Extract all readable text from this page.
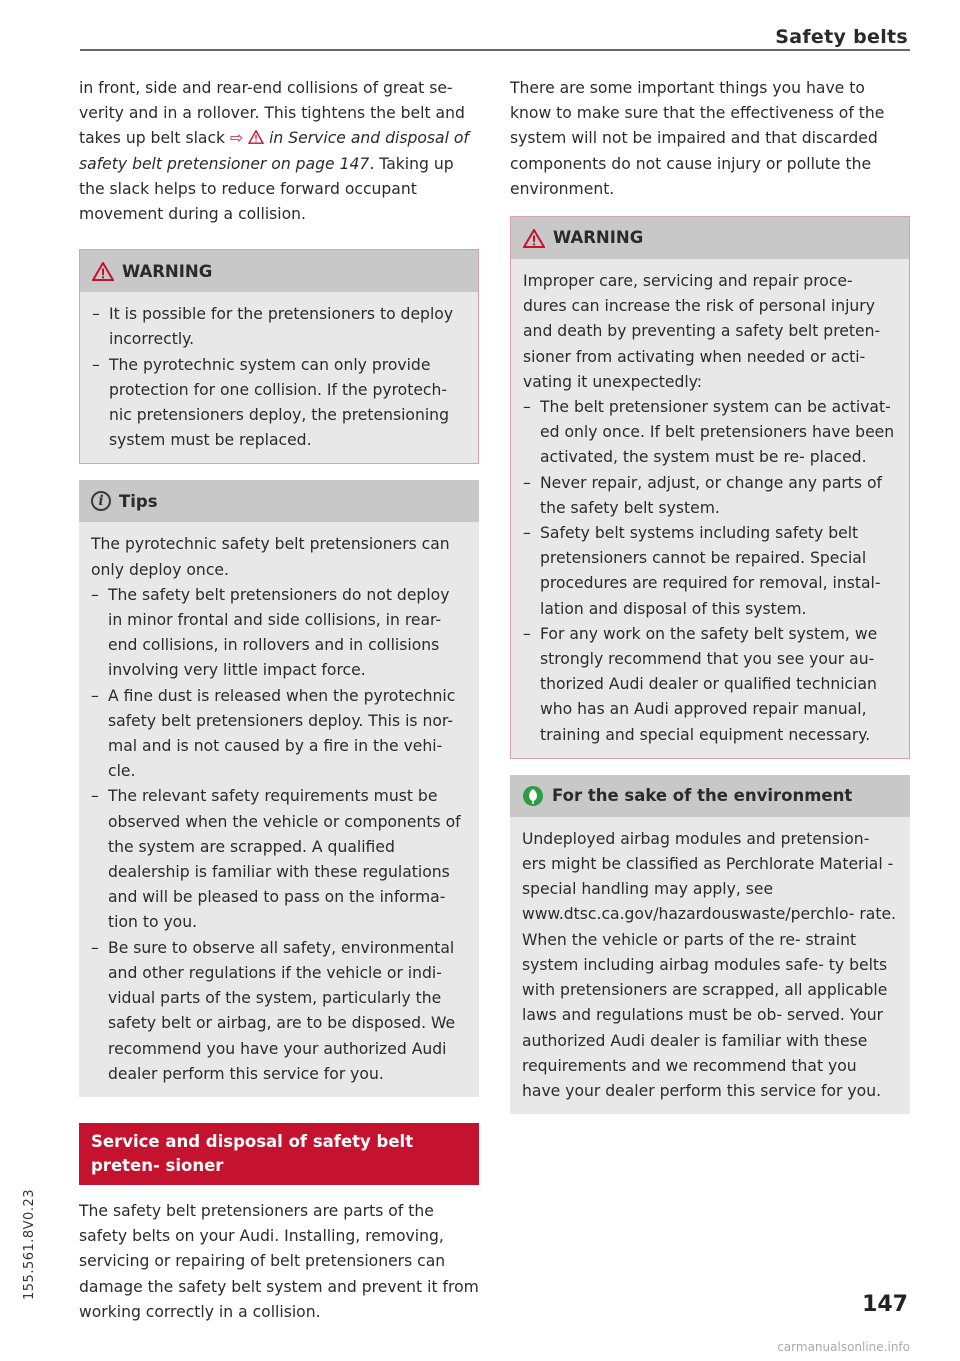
Safety belts

in front, side and rear-end collisions of great se- verity and in a rollover. This tightens the belt and takes up belt slack ⇨ in Service and disposal of safety belt pretensioner on page 147. Taking up the slack helps to reduce forward occupant movement during a collision.

WARNING
– It is possible for the pretensioners to deploy incorrectly.
– The pyrotechnic system can only provide protection for one collision. If the pyrotech- nic pretensioners deploy, the pretensioning system must be replaced.
i Tips

The pyrotechnic safety belt pretensioners can only deploy once.

– The safety belt pretensioners do not deploy in minor frontal and side collisions, in rear- end collisions, in rollovers and in collisions involving very little impact force.
– A fine dust is released when the pyrotechnic safety belt pretensioners deploy. This is nor- mal and is not caused by a fire in the vehi- cle.
– The relevant safety requirements must be observed when the vehicle or components of the system are scrapped. A qualified dealership is familiar with these regulations and will be pleased to pass on the informa- tion to you.
– Be sure to observe all safety, environmental and other regulations if the vehicle or indi- vidual parts of the system, particularly the safety belt or airbag, are to be disposed. We recommend you have your authorized Audi dealer perform this service for you.
Service and disposal of safety belt preten- sioner

The safety belt pretensioners are parts of the safety belts on your Audi. Installing, removing, servicing or repairing of belt pretensioners can damage the safety belt system and prevent it from working correctly in a collision.

There are some important things you have to know to make sure that the effectiveness of the system will not be impaired and that discarded components do not cause injury or pollute the environment.

WARNING

Improper care, servicing and repair proce- dures can increase the risk of personal injury and death by preventing a safety belt preten- sioner from activating when needed or acti- vating it unexpectedly:

– The belt pretensioner system can be activat- ed only once. If belt pretensioners have been activated, the system must be re- placed.
– Never repair, adjust, or change any parts of the safety belt system.
– Safety belt systems including safety belt pretensioners cannot be repaired. Special procedures are required for removal, instal- lation and disposal of this system.
– For any work on the safety belt system, we strongly recommend that you see your au- thorized Audi dealer or qualified technician who has an Audi approved repair manual, training and special equipment necessary.
For the sake of the environment

Undeployed airbag modules and pretension- ers might be classified as Perchlorate Material -special handling may apply, see www.dtsc.ca.gov/hazardouswaste/perchlo- rate. When the vehicle or parts of the re- straint system including airbag modules safe- ty belts with pretensioners are scrapped, all applicable laws and regulations must be ob- served. Your authorized Audi dealer is familiar with these requirements and we recommend that you have your dealer perform this service for you.

155.561.8V0.23
147
carmanualsonline.info
